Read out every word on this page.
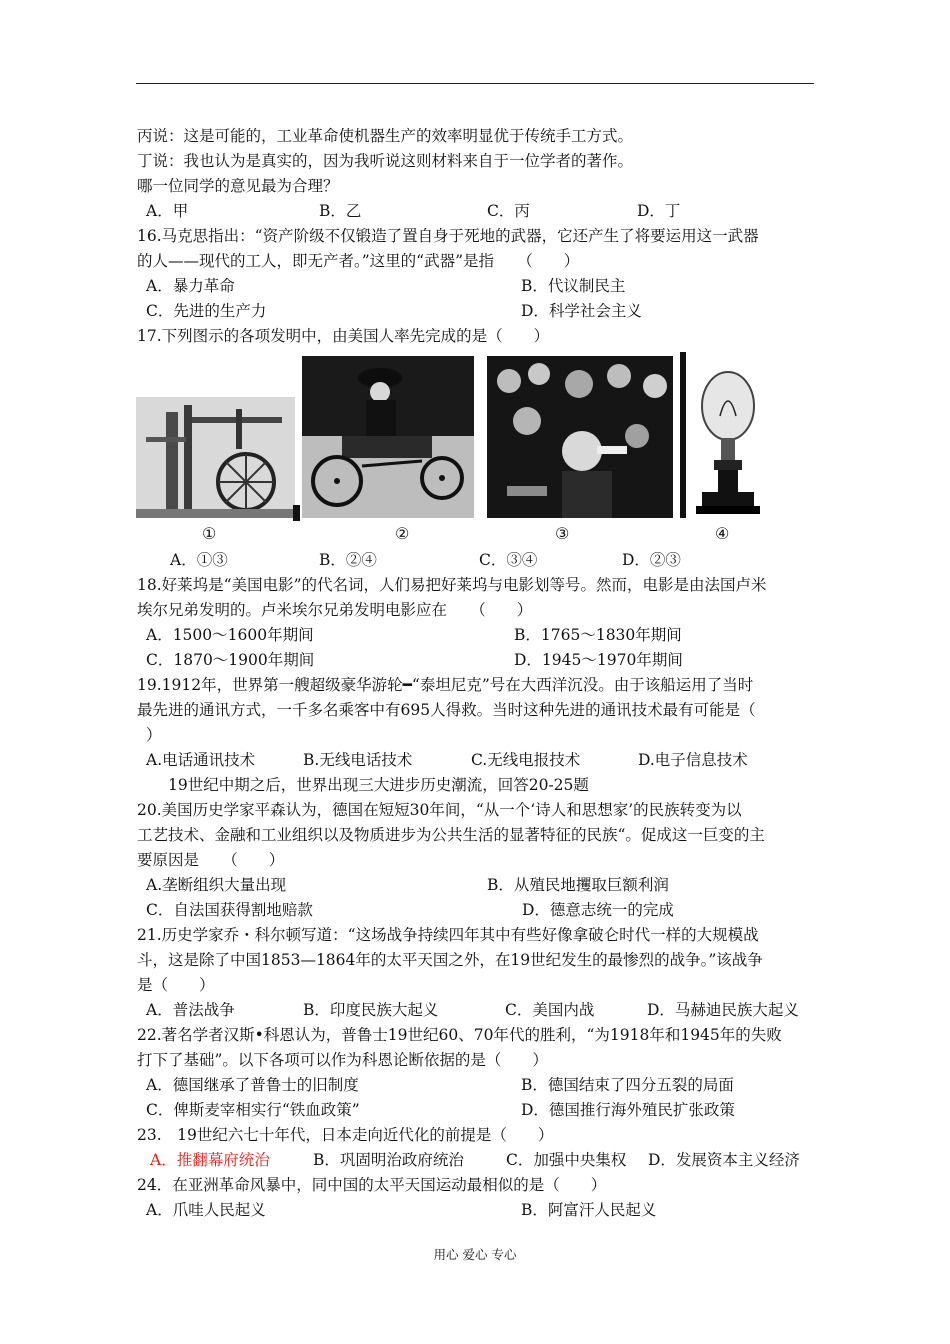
丙说：这是可能的，工业革命使机器生产的效率明显优于传统手工方式。
丁说：我也认为是真实的，因为我听说这则材料来自于一位学者的著作。
哪一位同学的意见最为合理？
A．甲	B．乙	C．丙	D．丁
16.马克思指出：“资产阶级不仅锻造了置自身于死地的武器，它还产生了将要运用这一武器
的人——现代的工人，即无产者。”这里的“武器”是指　　（　　）
A．暴力革命	B．代议制民主
C．先进的生产力	D．科学社会主义
17.下列图示的各项发明中，由美国人率先完成的是（　　）
①	②	③	④
A．①③	B．②④	C．③④	D．②③
18.好莱坞是“美国电影”的代名词，人们易把好莱坞与电影划等号。然而，电影是由法国卢米
埃尔兄弟发明的。卢米埃尔兄弟发明电影应在　　（　　）
A．1500～1600年期间	B．1765～1830年期间
C．1870～1900年期间	D．1945～1970年期间
19.1912年，世界第一艘超级豪华游轮━“泰坦尼克”号在大西洋沉没。由于该船运用了当时
最先进的通讯方式，一千多名乘客中有695人得救。当时这种先进的通讯技术最有可能是（
）
A.电话通讯技术	B.无线电话技术	C.无线电报技术	D.电子信息技术
19世纪中期之后，世界出现三大进步历史潮流，回答20-25题
20.美国历史学家平森认为，德国在短短30年间，“从一个‘诗人和思想家’的民族转变为以
工艺技术、金融和工业组织以及物质进步为公共生活的显著特征的民族“。促成这一巨变的主
要原因是　　（　　）
A.垄断组织大量出现	B．从殖民地攫取巨额利润
C．自法国获得割地赔款	D．德意志统一的完成
21.历史学家乔・科尔顿写道：“这场战争持续四年其中有些好像拿破仑时代一样的大规模战
斗，这是除了中国1853—1864年的太平天国之外，在19世纪发生的最惨烈的战争。”该战争
是（　　）
A．普法战争	B．印度民族大起义	C．美国内战	D．马赫迪民族大起义
22.著名学者汉斯•科恩认为，普鲁士19世纪60、70年代的胜利，“为1918年和1945年的失败
打下了基础”。以下各项可以作为科恩论断依据的是（　　）
A．德国继承了普鲁士的旧制度	B．德国结束了四分五裂的局面
C．俾斯麦宰相实行“铁血政策”	D．德国推行海外殖民扩张政策
23.　19世纪六七十年代，日本走向近代化的前提是（　　）
A．推翻幕府统治	B．巩固明治政府统治	C．加强中央集权 D．发展资本主义经济
24．在亚洲革命风暴中，同中国的太平天国运动最相似的是（　　）
A．爪哇人民起义	B．阿富汗人民起义
用心 爱心 专心
